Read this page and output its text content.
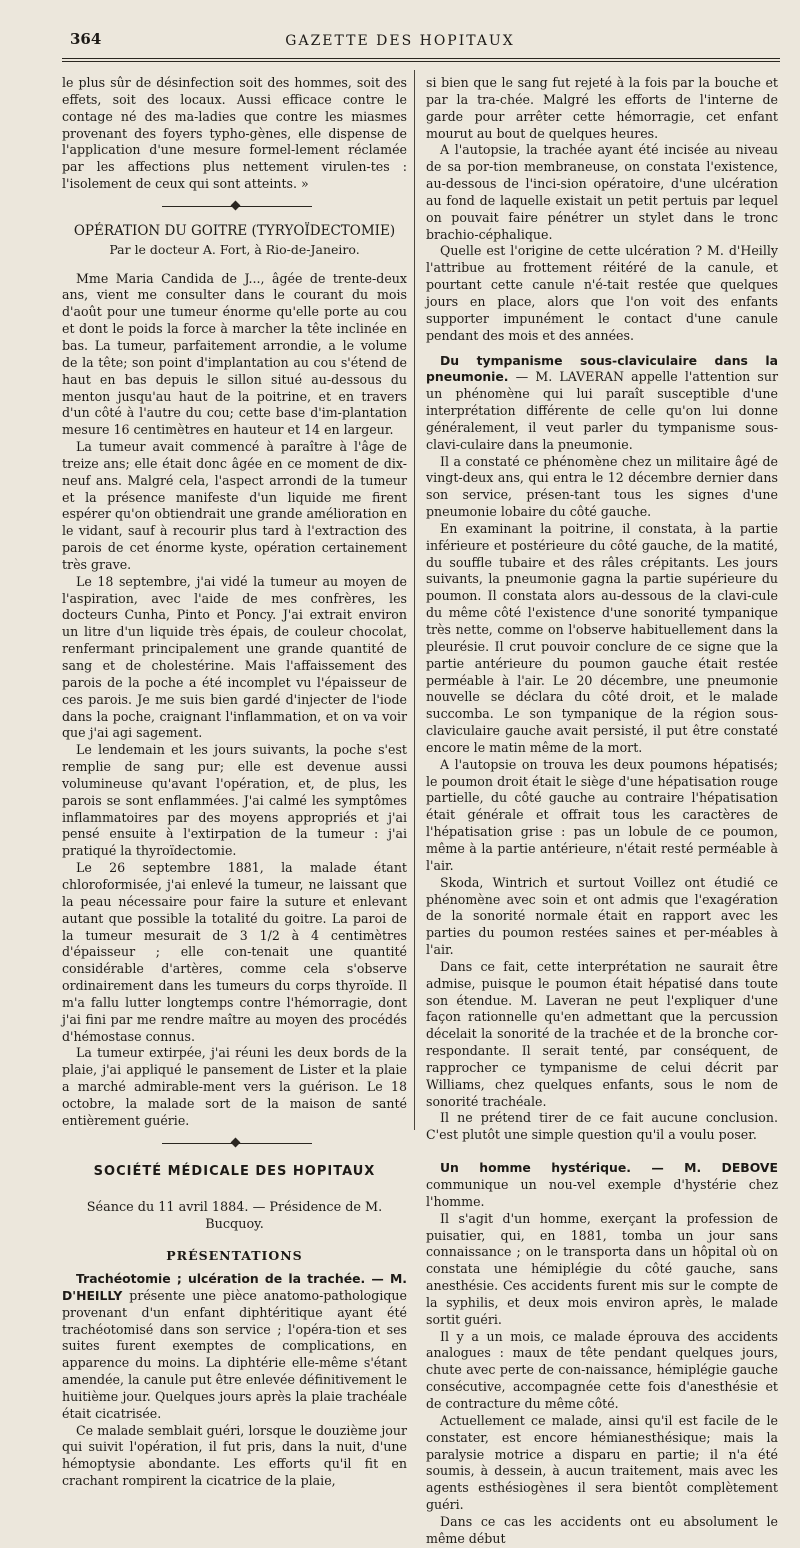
364	GAZETTE DES HOPITAUX

le plus sûr de désinfection soit des hommes, soit des effets, soit des locaux. Aussi efficace contre le contage né des ma-ladies que contre les miasmes provenant des foyers typho-gènes, elle dispense de l'application d'une mesure formel-lement réclamée par les affections plus nettement virulen-tes : l'isolement de ceux qui sont atteints. »

OPÉRATION DU GOITRE (TYRYOÏDECTOMIE)
Par le docteur A. Fort, à Rio-de-Janeiro.

Mme Maria Candida de J..., âgée de trente-deux ans, vient me consulter dans le courant du mois d'août pour une tumeur énorme qu'elle porte au cou et dont le poids la force à marcher la tête inclinée en bas. La tumeur, parfaitement arrondie, a le volume de la tête; son point d'implantation au cou s'étend de haut en bas depuis le sillon situé au-dessous du menton jusqu'au haut de la poitrine, et en travers d'un côté à l'autre du cou; cette base d'im-plantation mesure 16 centimètres en hauteur et 14 en largeur.

La tumeur avait commencé à paraître à l'âge de treize ans; elle était donc âgée en ce moment de dix-neuf ans. Malgré cela, l'aspect arrondi de la tumeur et la présence manifeste d'un liquide me firent espérer qu'on obtiendrait une grande amélioration en le vidant, sauf à recourir plus tard à l'extraction des parois de cet énorme kyste, opération certainement très grave.

Le 18 septembre, j'ai vidé la tumeur au moyen de l'aspiration, avec l'aide de mes confrères, les docteurs Cunha, Pinto et Poncy. J'ai extrait environ un litre d'un liquide très épais, de couleur chocolat, renfermant principalement une grande quantité de sang et de cholestérine. Mais l'affaissement des parois de la poche a été incomplet vu l'épaisseur de ces parois. Je me suis bien gardé d'injecter de l'iode dans la poche, craignant l'inflammation, et on va voir que j'ai agi sagement.

Le lendemain et les jours suivants, la poche s'est remplie de sang pur; elle est devenue aussi volumineuse qu'avant l'opération, et, de plus, les parois se sont enflammées. J'ai calmé les symptômes inflammatoires par des moyens appropriés et j'ai pensé ensuite à l'extirpation de la tumeur : j'ai pratiqué la thyroïdectomie.

Le 26 septembre 1881, la malade étant chloroformisée, j'ai enlevé la tumeur, ne laissant que la peau nécessaire pour faire la suture et enlevant autant que possible la totalité du goitre. La paroi de la tumeur mesurait de 3 1/2 à 4 centimètres d'épaisseur ; elle con-tenait une quantité considérable d'artères, comme cela s'observe ordinairement dans les tumeurs du corps thyroïde. Il m'a fallu lutter longtemps contre l'hémorragie, dont j'ai fini par me rendre maître au moyen des procédés d'hémostase connus.

La tumeur extirpée, j'ai réuni les deux bords de la plaie, j'ai appliqué le pansement de Lister et la plaie a marché admirable-ment vers la guérison. Le 18 octobre, la malade sort de la maison de santé entièrement guérie.

SOCIÉTÉ MÉDICALE DES HOPITAUX
Séance du 11 avril 1884. — Présidence de M. Bucquoy.
PRÉSENTATIONS

Trachéotomie ; ulcération de la trachée. — M. D'HEILLY présente une pièce anatomo-pathologique provenant d'un enfant diphtéritique ayant été trachéotomisé dans son service ; l'opéra-tion et ses suites furent exemptes de complications, en apparence du moins. La diphtérie elle-même s'étant amendée, la canule put être enlevée définitivement le huitième jour. Quelques jours après la plaie trachéale était cicatrisée.

Ce malade semblait guéri, lorsque le douzième jour qui suivit l'opération, il fut pris, dans la nuit, d'une hémoptysie abondante. Les efforts qu'il fit en crachant rompirent la cicatrice de la plaie,

si bien que le sang fut rejeté à la fois par la bouche et par la tra-chée. Malgré les efforts de l'interne de garde pour arrêter cette hémorragie, cet enfant mourut au bout de quelques heures.

A l'autopsie, la trachée ayant été incisée au niveau de sa por-tion membraneuse, on constata l'existence, au-dessous de l'inci-sion opératoire, d'une ulcération au fond de laquelle existait un petit pertuis par lequel on pouvait faire pénétrer un stylet dans le tronc brachio-céphalique.

Quelle est l'origine de cette ulcération ? M. d'Heilly l'attribue au frottement réitéré de la canule, et pourtant cette canule n'é-tait restée que quelques jours en place, alors que l'on voit des enfants supporter impunément le contact d'une canule pendant des mois et des années.

Du tympanisme sous-claviculaire dans la pneumonie. — M. LAVERAN appelle l'attention sur un phénomène qui lui paraît susceptible d'une interprétation différente de celle qu'on lui donne généralement, il veut parler du tympanisme sous-clavi-culaire dans la pneumonie.

Il a constaté ce phénomène chez un militaire âgé de vingt-deux ans, qui entra le 12 décembre dernier dans son service, présen-tant tous les signes d'une pneumonie lobaire du côté gauche.

En examinant la poitrine, il constata, à la partie inférieure et postérieure du côté gauche, de la matité, du souffle tubaire et des râles crépitants. Les jours suivants, la pneumonie gagna la partie supérieure du poumon. Il constata alors au-dessous de la clavi-cule du même côté l'existence d'une sonorité tympanique très nette, comme on l'observe habituellement dans la pleurésie. Il crut pouvoir conclure de ce signe que la partie antérieure du poumon gauche était restée perméable à l'air. Le 20 décembre, une pneumonie nouvelle se déclara du côté droit, et le malade succomba. Le son tympanique de la région sous-claviculaire gauche avait persisté, il put être constaté encore le matin même de la mort.

A l'autopsie on trouva les deux poumons hépatisés; le poumon droit était le siège d'une hépatisation rouge partielle, du côté gauche au contraire l'hépatisation était générale et offrait tous les caractères de l'hépatisation grise : pas un lobule de ce poumon, même à la partie antérieure, n'était resté perméable à l'air.

Skoda, Wintrich et surtout Voillez ont étudié ce phénomène avec soin et ont admis que l'exagération de la sonorité normale était en rapport avec les parties du poumon restées saines et per-méables à l'air.

Dans ce fait, cette interprétation ne saurait être admise, puisque le poumon était hépatisé dans toute son étendue. M. Laveran ne peut l'expliquer d'une façon rationnelle qu'en admettant que la percussion décelait la sonorité de la trachée et de la bronche cor-respondante. Il serait tenté, par conséquent, de rapprocher ce tympanisme de celui décrit par Williams, chez quelques enfants, sous le nom de sonorité trachéale.

Il ne prétend tirer de ce fait aucune conclusion. C'est plutôt une simple question qu'il a voulu poser.

Un homme hystérique. — M. DEBOVE communique un nou-vel exemple d'hystérie chez l'homme.

Il s'agit d'un homme, exerçant la profession de puisatier, qui, en 1881, tomba un jour sans connaissance ; on le transporta dans un hôpital où on constata une hémiplégie du côté gauche, sans anesthésie. Ces accidents furent mis sur le compte de la syphilis, et deux mois environ après, le malade sortit guéri.

Il y a un mois, ce malade éprouva des accidents analogues : maux de tête pendant quelques jours, chute avec perte de con-naissance, hémiplégie gauche consécutive, accompagnée cette fois d'anesthésie et de contracture du même côté.

Actuellement ce malade, ainsi qu'il est facile de le constater, est encore hémianesthésique; mais la paralysie motrice a disparu en partie; il n'a été soumis, à dessein, à aucun traitement, mais avec les agents esthésiogènes il sera bientôt complètement guéri.

Dans ce cas les accidents ont eu absolument le même début
